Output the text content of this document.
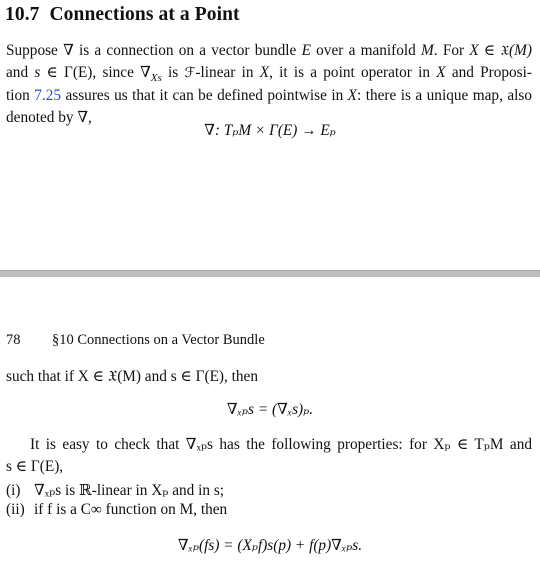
10.7 Connections at a Point
Suppose ∇ is a connection on a vector bundle E over a manifold M. For X ∈ 𝔛(M)
and s ∈ Γ(E), since $\nabla_{Xs}$ is ℱ-linear in X, it is a point operator in X and Proposi-
tion 7.25 assures us that it can be defined pointwise in X: there is a unique map, also
denoted by ∇,
∇: TₚM × Γ(E) → Eₚ
78 §10 Connections on a Vector Bundle
such that if X ∈ 𝔛(M) and s ∈ Γ(E), then
∇ₓₚs = (∇ₓs)ₚ.
It is easy to check that ∇ₓₚs has the following properties: for Xₚ ∈ TₚM and
s ∈ Γ(E),
(i) ∇ₓₚs is ℝ-linear in Xₚ and in s;
(ii) if f is a C∞ function on M, then
∇ₓₚ(fs) = (Xₚf)s(p) + f(p)∇ₓₚs.
